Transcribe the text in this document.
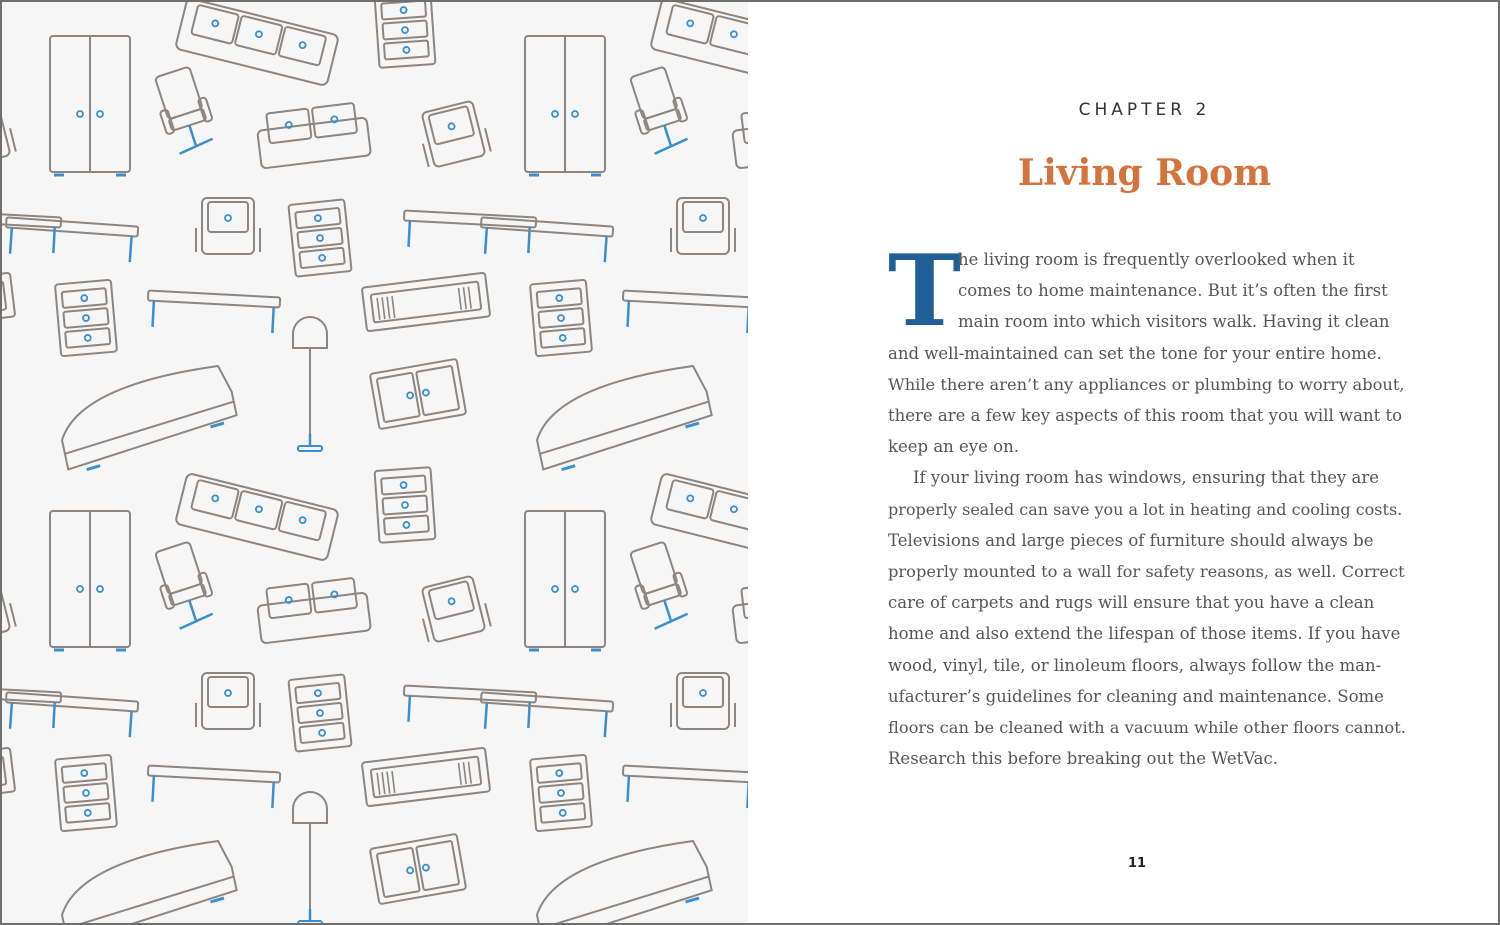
CHAPTER 2
Living Room

T
he living room is frequently overlooked when it
comes to home maintenance. But it’s often the first
main room into which visitors walk. Having it clean
and well-maintained can set the tone for your entire home.
While there aren’t any appliances or plumbing to worry about,
there are a few key aspects of this room that you will want to
keep an eye on.

If your living room has windows, ensuring that they are
properly sealed can save you a lot in heating and cooling costs.
Televisions and large pieces of furniture should always be
properly mounted to a wall for safety reasons, as well. Correct
care of carpets and rugs will ensure that you have a clean
home and also extend the lifespan of those items. If you have
wood, vinyl, tile, or linoleum floors, always follow the man-
ufacturer’s guidelines for cleaning and maintenance. Some
floors can be cleaned with a vacuum while other floors cannot.
Research this before breaking out the WetVac.

11
